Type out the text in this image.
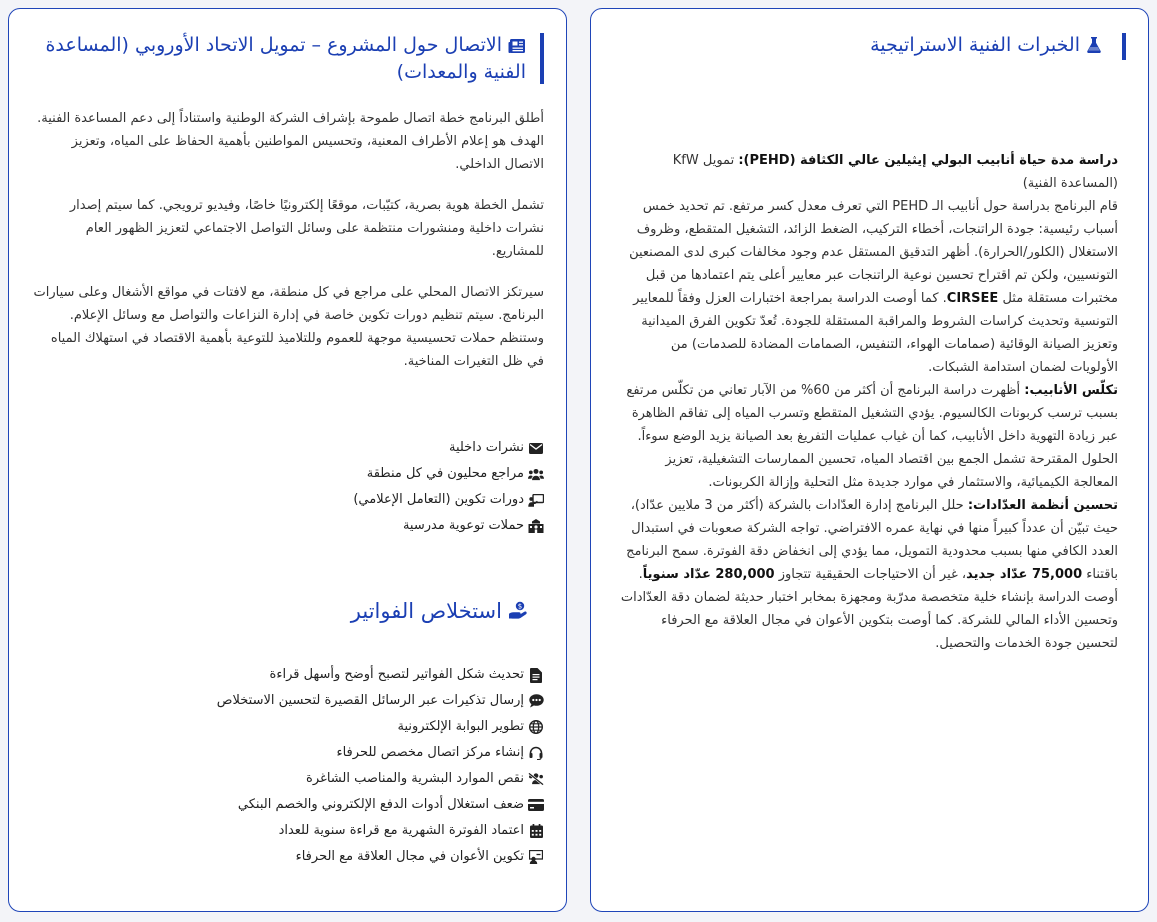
الخبرات الفنية الاستراتيجية

دراسة مدة حياة أنابيب البولي إيثيلين عالي الكثافة (PEHD): تمويل KfW (المساعدة الفنية)
قام البرنامج بدراسة حول أنابيب الـ PEHD التي تعرف معدل كسر مرتفع. تم تحديد خمس أسباب رئيسية: جودة الراتنجات، أخطاء التركيب، الضغط الزائد، التشغيل المتقطع، وظروف الاستغلال (الكلور/الحرارة). أظهر التدقيق المستقل عدم وجود مخالفات كبرى لدى المصنعين التونسيين، ولكن تم اقتراح تحسين نوعية الراتنجات عبر معايير أعلى يتم اعتمادها من قبل مختبرات مستقلة مثل CIRSEE. كما أوصت الدراسة بمراجعة اختبارات العزل وفقاً للمعايير التونسية وتحديث كراسات الشروط والمراقبة المستقلة للجودة. تُعدّ تكوين الفرق الميدانية وتعزيز الصيانة الوقائية (صمامات الهواء، التنفيس، الصمامات المضادة للصدمات) من الأولويات لضمان استدامة الشبكات.

تكلّس الأنابيب: أظهرت دراسة البرنامج أن أكثر من 60% من الآبار تعاني من تكلّس مرتفع بسبب ترسب كربونات الكالسيوم. يؤدي التشغيل المتقطع وتسرب المياه إلى تفاقم الظاهرة عبر زيادة التهوية داخل الأنابيب، كما أن غياب عمليات التفريغ بعد الصيانة يزيد الوضع سوءاً. الحلول المقترحة تشمل الجمع بين اقتصاد المياه، تحسين الممارسات التشغيلية، تعزيز المعالجة الكيميائية، والاستثمار في موارد جديدة مثل التحلية وإزالة الكربونات.

تحسين أنظمة العدّادات: حلل البرنامج إدارة العدّادات بالشركة (أكثر من 3 ملايين عدّاد)، حيث تبيّن أن عدداً كبيراً منها في نهاية عمره الافتراضي. تواجه الشركة صعوبات في استبدال العدد الكافي منها بسبب محدودية التمويل، مما يؤدي إلى انخفاض دقة الفوترة. سمح البرنامج باقتناء 75,000 عدّاد جديد، غير أن الاحتياجات الحقيقية تتجاوز 280,000 عدّاد سنوياً. أوصت الدراسة بإنشاء خلية متخصصة مدرّبة ومجهزة بمخابر اختبار حديثة لضمان دقة العدّادات وتحسين الأداء المالي للشركة. كما أوصت بتكوين الأعوان في مجال العلاقة مع الحرفاء لتحسين جودة الخدمات والتحصيل.

الاتصال حول المشروع – تمويل الاتحاد الأوروبي (المساعدة الفنية والمعدات)

أطلق البرنامج خطة اتصال طموحة بإشراف الشركة الوطنية واستناداً إلى دعم المساعدة الفنية. الهدف هو إعلام الأطراف المعنية، وتحسيس المواطنين بأهمية الحفاظ على المياه، وتعزيز الاتصال الداخلي.

تشمل الخطة هوية بصرية، كتيّبات، موقعًا إلكترونيًا خاصًا، وفيديو ترويجي. كما سيتم إصدار نشرات داخلية ومنشورات منتظمة على وسائل التواصل الاجتماعي لتعزيز الظهور العام للمشاريع.

سيرتكز الاتصال المحلي على مراجع في كل منطقة، مع لافتات في مواقع الأشغال وعلى سيارات البرنامج. سيتم تنظيم دورات تكوين خاصة في إدارة النزاعات والتواصل مع وسائل الإعلام. وستنظم حملات تحسيسية موجهة للعموم وللتلاميذ للتوعية بأهمية الاقتصاد في استهلاك المياه في ظل التغيرات المناخية.

نشرات داخلية
مراجع محليون في كل منطقة
دورات تكوين (التعامل الإعلامي)
حملات توعوية مدرسية
$
استخلاص الفواتير
تحديث شكل الفواتير لتصبح أوضح وأسهل قراءة
إرسال تذكيرات عبر الرسائل القصيرة لتحسين الاستخلاص
تطوير البوابة الإلكترونية
إنشاء مركز اتصال مخصص للحرفاء
نقص الموارد البشرية والمناصب الشاغرة
ضعف استغلال أدوات الدفع الإلكتروني والخصم البنكي
اعتماد الفوترة الشهرية مع قراءة سنوية للعداد
تكوين الأعوان في مجال العلاقة مع الحرفاء
